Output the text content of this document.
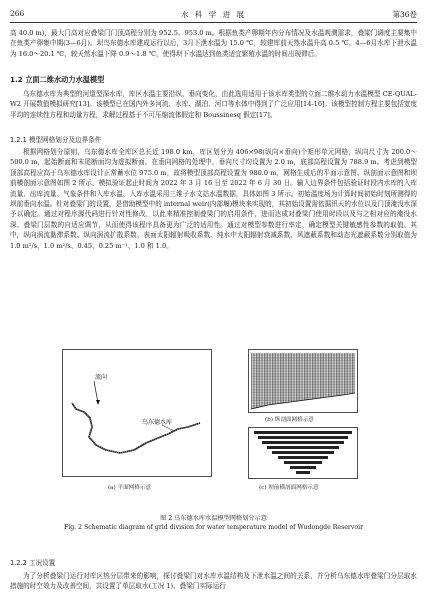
266	水 科 学 进 展	第36卷

高 40.0 m)，最大门高对应叠梁门门顶高程分别为 952.5、953.0 m。根据鱼类产卵期年内分布情况及水温观测需求，叠梁门调度主要集中在鱼类产卵集中期(3—6月)。坝鸟东德水库建成运行以后，3月下泄水温为 15.0 ℃，较建库前天然水温升高 0.5 ℃，4—6月水库下泄水温为 16.0～20.1 ℃，较天然水温下降 0.9～1.8 ℃，使得坝下水温达到鱼类适宜繁殖水温的时间出现滞后。

1.2 立面二维水动力水温模型

乌东德水库为典型的河道型深水库，库区水温主要沿纵、垂向变化，由此选用适用于该水库类型的立面二维水动力水温模型 CE-QUAL-W2 开展数值模拟研究[13]。该模型已在国内外多河流、水库、湖泊、河口等水体中得到了广泛应用[14-16]。该模型控制方程主要包括宽度平均的连续性方程和动量方程，求解过程基于不可压缩流体假定和 Boussinesq 假定[17]。

1.2.1 模型网格划分及边界条件

根据网格划分原则，乌东德水库全库区总长近 198.0 km，库区划分为 406×98(纵向×垂向)个矩形单元网格，纵向尺寸为 200.0～500.0 m，起始断面和末尾断面均为虚拟断面。在垂向网格的处理中，垂向尺寸均设置为 2.0 m，底部高程设置为 788.9 m。考虑到模型顶部高程应高于乌东德水库设计正常蓄水位 975.0 m，故将模型顶部高程设置为 980.0 m，网格生成后的平面示意图、纵剖面示意图和坝前横剖面示意图如图 2 所示。模拟验证起止时间为 2022 年 3 月 16 日至 2022 年 6 月 30 日。输入边界条件包括验证时段内水库的入库流量、出库流量、气象条件和入库水温，入库水温采用三维子水文站水温数据，具体如图 3 所示。初始温度场为计算时间初始时刻所测得的坝前垂向水温。针对叠梁门的设置，是借助模型中的 internal weir(内部堰)模块来实现的，其初始设置需依据汛天的水位以及门顶淹没水深予以确定。通过对程序源代码进行针对性修改，以此来精准控制叠梁门的启用条件，进而达成对叠梁门使用时段以及与之相对应的淹没水深、叠梁门层数的自适应调节，从而使得该程序具备更为广泛的适用性。通过对模型参数进行率定，确定模型关键敏感性参数的取值。其中，纵向涡流黏滞系数、纵向涡流扩散系数、表面太阳辐射吸收系数、纯水中太阳辐射衰减系数、风遮蔽系数和动态光遮蔽系数分别取值为 1.0 m²/s、1.0 m²/s、0.45、0.25 m⁻¹、1.0 和 1.0。

流向
乌东德水库	(b) 纵剖面网格示意
(c) 坝前横剖面网格示意
(a) 平面网格示意
图 2 乌东德水库水温模型网格划分示意
Fig. 2 Schematic diagram of grid division for water temperature model of Wudongde Reservoir
1.2.2 工况设置

为了分析叠梁门运行对库区热分层带来的影响，探讨叠梁门对水库水温结构及下泄水温之间的关系，并分析乌东德水库叠梁门分层取水措施的时空效力及改善空间，共设置了单层取水(工况 1)、叠梁门实际运行
